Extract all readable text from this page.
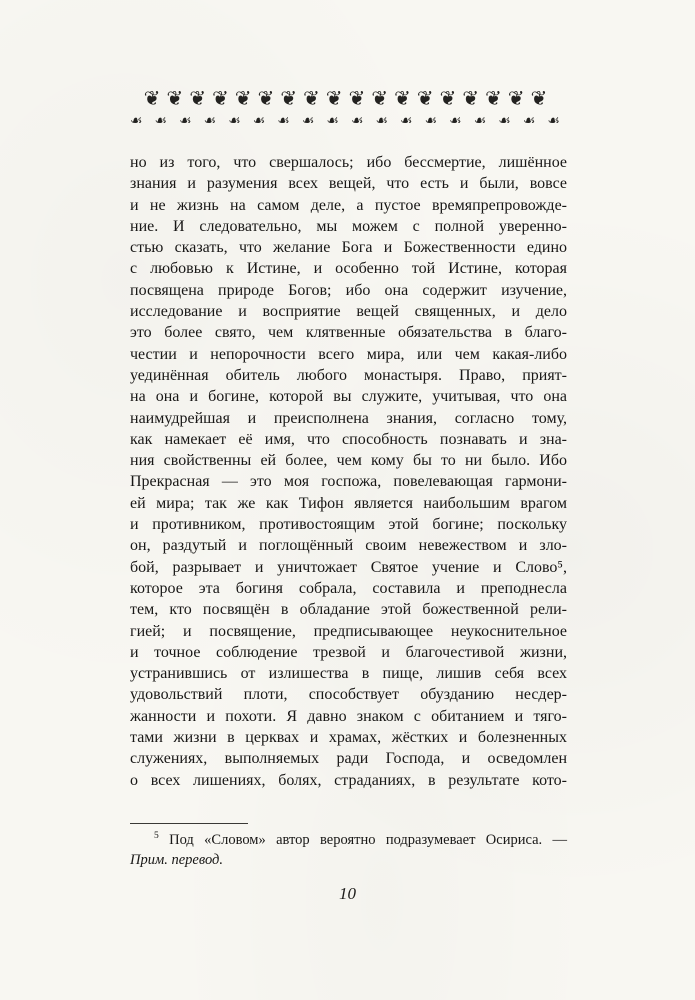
❦❦❦❦❦❦❦❦❦❦❦❦❦❦❦❦❦❦
☙☙☙☙☙☙☙☙☙☙☙☙☙☙☙☙☙☙
но из того, что свершалось; ибо бессмертие, лишённое
знания и разумения всех вещей, что есть и были, вовсе
и не жизнь на самом деле, а пустое времяпрепровожде-
ние. И следовательно, мы можем с полной уверенно-
стью сказать, что желание Бога и Божественности едино
с любовью к Истине, и особенно той Истине, которая
посвящена природе Богов; ибо она содержит изучение,
исследование и восприятие вещей священных, и дело
это более свято, чем клятвенные обязательства в благо-
честии и непорочности всего мира, или чем какая-либо
уединённая обитель любого монастыря. Право, прият-
на она и богине, которой вы служите, учитывая, что она
наимудрейшая и преисполнена знания, согласно тому,
как намекает её имя, что способность познавать и зна-
ния свойственны ей более, чем кому бы то ни было. Ибо
Прекрасная — это моя госпожа, повелевающая гармони-
ей мира; так же как Тифон является наибольшим врагом
и противником, противостоящим этой богине; поскольку
он, раздутый и поглощённый своим невежеством и зло-
бой, разрывает и уничтожает Святое учение и Слово⁵,
которое эта богиня собрала, составила и преподнесла
тем, кто посвящён в обладание этой божественной рели-
гией; и посвящение, предписывающее неукоснительное
и точное соблюдение трезвой и благочестивой жизни,
устранившись от излишества в пище, лишив себя всех
удовольствий плоти, способствует обузданию несдер-
жанности и похоти. Я давно знаком с обитанием и тяго-
тами жизни в церквах и храмах, жёстких и болезненных
служениях, выполняемых ради Господа, и осведомлен
о всех лишениях, болях, страданиях, в результате кото-
$^5$ Под «Словом» автор вероятно подразумевает Осириса. —
Прим. перевод.
10
